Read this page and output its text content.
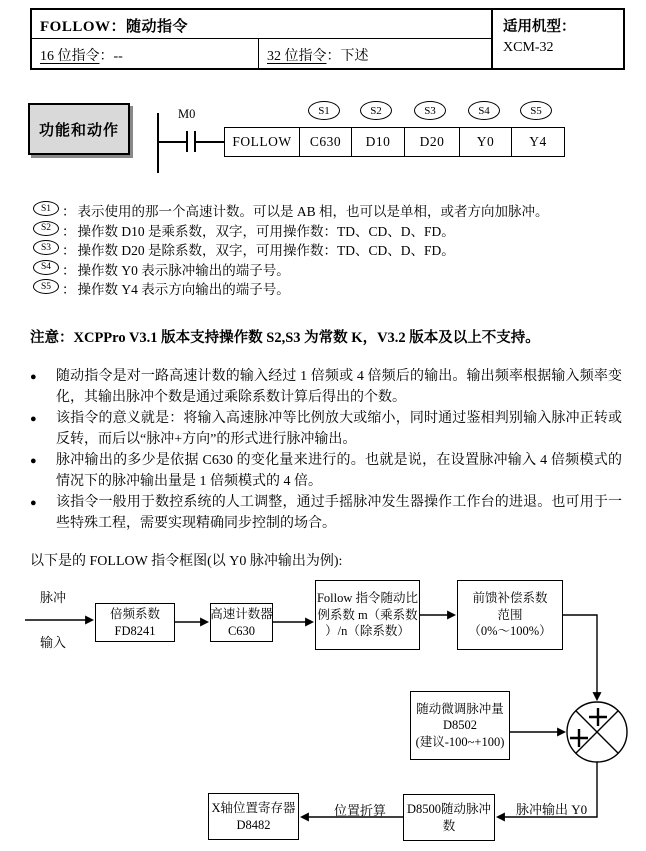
FOLLOW：随动指令
16 位指令：--	32 位指令：下述
适用机型：
XCM-32
功能和动作
M0
FOLLOW	C630	D10	D20	Y0	Y4
S1	S2	S3	S4	S5
S1 ： 表示使用的那一个高速计数。可以是 AB 相，也可以是单相，或者方向加脉冲。
S2 ： 操作数 D10 是乘系数，双字，可用操作数：TD、CD、D、FD。
S3 ： 操作数 D20 是除系数，双字，可用操作数：TD、CD、D、FD。
S4 ： 操作数 Y0 表示脉冲输出的端子号。
S5 ： 操作数 Y4 表示方向输出的端子号。
注意：XCPPro V3.1 版本支持操作数 S2,S3 为常数 K，V3.2 版本及以上不支持。
●	随动指令是对一路高速计数的输入经过 1 倍频或 4 倍频后的输出。输出频率根据输入频率变化，其输出脉冲个数是通过乘除系数计算后得出的个数。
●	该指令的意义就是：将输入高速脉冲等比例放大或缩小，同时通过鉴相判别输入脉冲正转或反转，而后以“脉冲+方向”的形式进行脉冲输出。
●	脉冲输出的多少是依据 C630 的变化量来进行的。也就是说，在设置脉冲输入 4 倍频模式的情况下的脉冲输出量是 1 倍频模式的 4 倍。
●	该指令一般用于数控系统的人工调整，通过手摇脉冲发生器操作工作台的进退。也可用于一些特殊工程，需要实现精确同步控制的场合。
以下是的 FOLLOW 指令框图(以 Y0 脉冲输出为例):
脉冲
输入
倍频系数
FD8241
高速计数器
C630
Follow 指令随动比
例系数 m（乘系数
）/n（除系数）
前馈补偿系数
范围
（0%～100%）
随动微调脉冲量
D8502
(建议-100~+100)
D8500随动脉冲
数
X轴位置寄存器
D8482
脉冲输出 Y0
位置折算
